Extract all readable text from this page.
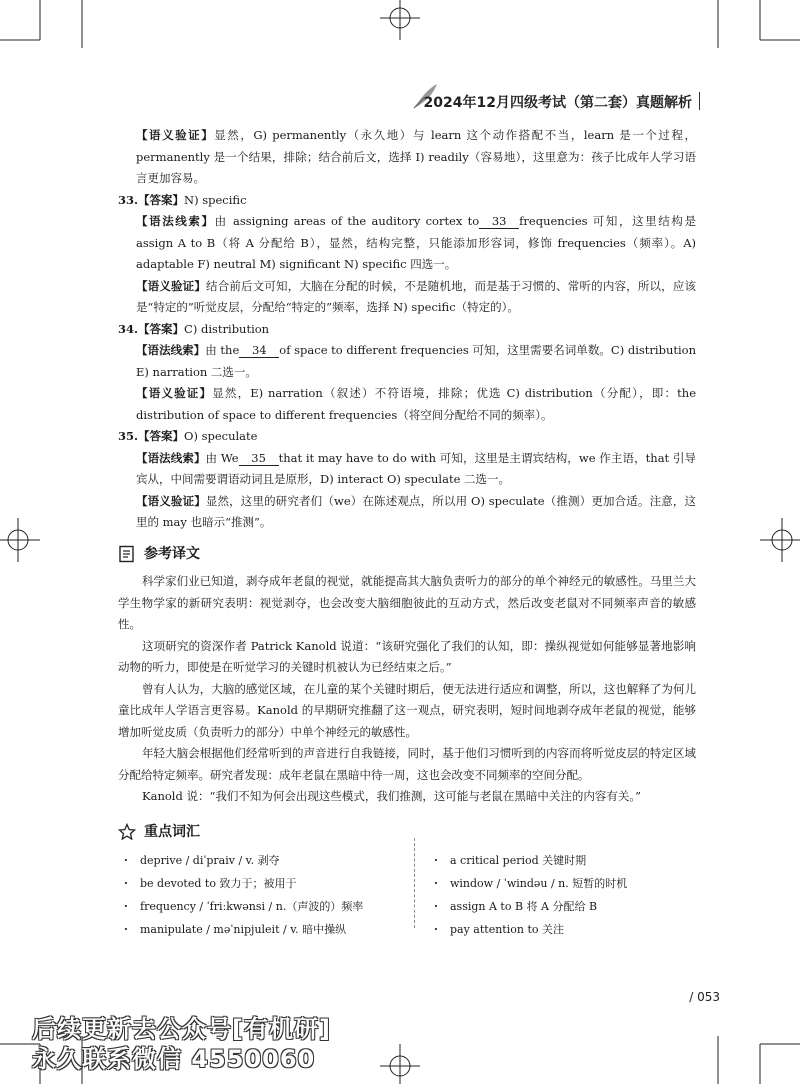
2024年12月四级考试（第二套）真题解析

【语义验证】显然，G) permanently（永久地）与 learn 这个动作搭配不当，learn 是一个过程，permanently 是一个结果，排除；结合前后文，选择 I) readily（容易地），这里意为：孩子比成年人学习语言更加容易。

33.【答案】N) specific

【语法线索】由 assigning areas of the auditory cortex to 33 frequencies 可知，这里结构是 assign A to B（将 A 分配给 B），显然，结构完整，只能添加形容词，修饰 frequencies（频率）。A) adaptable F) neutral M) significant N) specific 四选一。

【语义验证】结合前后文可知，大脑在分配的时候，不是随机地，而是基于习惯的、常听的内容，所以，应该是“特定的”听觉皮层，分配给“特定的”频率，选择 N) specific（特定的）。

34.【答案】C) distribution

【语法线索】由 the 34 of space to different frequencies 可知，这里需要名词单数。C) distribution E) narration 二选一。

【语义验证】显然，E) narration（叙述）不符语境，排除；优选 C) distribution（分配），即：the distribution of space to different frequencies（将空间分配给不同的频率）。

35.【答案】O) speculate

【语法线索】由 We 35 that it may have to do with 可知，这里是主谓宾结构，we 作主语，that 引导宾从，中间需要谓语动词且是原形，D) interact O) speculate 二选一。

【语义验证】显然，这里的研究者们（we）在陈述观点，所以用 O) speculate（推测）更加合适。注意，这里的 may 也暗示“推测”。

参考译文

科学家们业已知道，剥夺成年老鼠的视觉，就能提高其大脑负责听力的部分的单个神经元的敏感性。马里兰大学生物学家的新研究表明：视觉剥夺，也会改变大脑细胞彼此的互动方式，然后改变老鼠对不同频率声音的敏感性。

这项研究的资深作者 Patrick Kanold 说道：“该研究强化了我们的认知，即：操纵视觉如何能够显著地影响动物的听力，即使是在听觉学习的关键时机被认为已经结束之后。”

曾有人认为，大脑的感觉区域，在儿童的某个关键时期后，便无法进行适应和调整，所以，这也解释了为何儿童比成年人学语言更容易。Kanold 的早期研究推翻了这一观点，研究表明，短时间地剥夺成年老鼠的视觉，能够增加听觉皮质（负责听力的部分）中单个神经元的敏感性。

年轻大脑会根据他们经常听到的声音进行自我链接，同时，基于他们习惯听到的内容而将听觉皮层的特定区域分配给特定频率。研究者发现：成年老鼠在黑暗中待一周，这也会改变不同频率的空间分配。

Kanold 说：“我们不知为何会出现这些模式，我们推测，这可能与老鼠在黑暗中关注的内容有关。”

重点词汇
· deprive / diˈpraiv / v. 剥夺
· be devoted to 致力于；被用于
· frequency / ˈfriːkwənsi / n.（声波的）频率
· manipulate / məˈnipjuleit / v. 暗中操纵
· a critical period 关键时期
· window / ˈwindəu / n. 短暂的时机
· assign A to B 将 A 分配给 B
· pay attention to 关注
/ 053
后续更新去公众号[有机研]
永久联系微信 4550060
